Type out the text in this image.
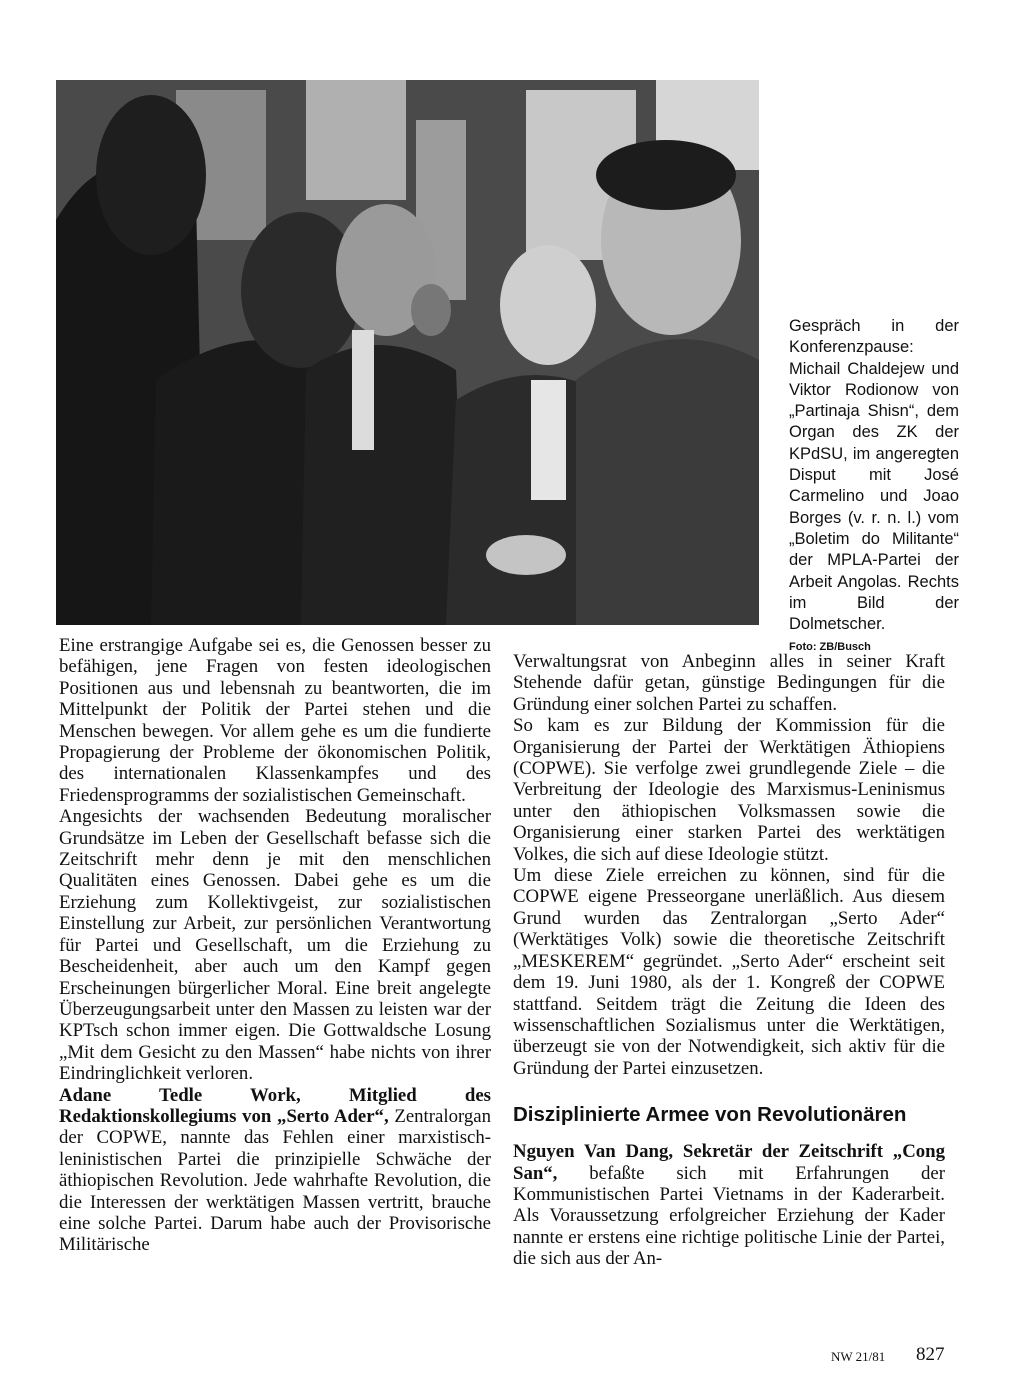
Gespräch in der Konferenzpause: Michail Chaldejew und Viktor Rodionow von „Partinaja Shisn“, dem Organ des ZK der KPdSU, im angeregten Disput mit José Carmelino und Joao Borges (v. r. n. l.) vom „Boletim do Militante“ der MPLA-Partei der Arbeit Angolas. Rechts im Bild der Dolmetscher. Foto: ZB/Busch

Eine erstrangige Aufgabe sei es, die Genossen besser zu befähigen, jene Fragen von festen ideologischen Positionen aus und lebensnah zu beantworten, die im Mittelpunkt der Politik der Partei stehen und die Menschen bewegen. Vor allem gehe es um die fundierte Propagierung der Probleme der ökonomischen Politik, des internationalen Klassenkampfes und des Friedensprogramms der sozialistischen Gemeinschaft.

Angesichts der wachsenden Bedeutung moralischer Grundsätze im Leben der Gesellschaft befasse sich die Zeitschrift mehr denn je mit den menschlichen Qualitäten eines Genossen. Dabei gehe es um die Erziehung zum Kollektivgeist, zur sozialistischen Einstellung zur Arbeit, zur persönlichen Verantwortung für Partei und Gesellschaft, um die Erziehung zu Bescheidenheit, aber auch um den Kampf gegen Erscheinungen bürgerlicher Moral. Eine breit angelegte Überzeugungsarbeit unter den Massen zu leisten war der KPTsch schon immer eigen. Die Gottwaldsche Losung „Mit dem Gesicht zu den Massen“ habe nichts von ihrer Eindringlichkeit verloren.

Adane Tedle Work, Mitglied des Redaktionskollegiums von „Serto Ader“, Zentralorgan der COPWE, nannte das Fehlen einer marxistisch-leninistischen Partei die prinzipielle Schwäche der äthiopischen Revolution. Jede wahrhafte Revolution, die die Interessen der werktätigen Massen vertritt, brauche eine solche Partei. Darum habe auch der Provisorische Militärische

Verwaltungsrat von Anbeginn alles in seiner Kraft Stehende dafür getan, günstige Bedingungen für die Gründung einer solchen Partei zu schaffen.

So kam es zur Bildung der Kommission für die Organisierung der Partei der Werktätigen Äthiopiens (COPWE). Sie verfolge zwei grundlegende Ziele – die Verbreitung der Ideologie des Marxismus-Leninismus unter den äthiopischen Volksmassen sowie die Organisierung einer starken Partei des werktätigen Volkes, die sich auf diese Ideologie stützt.

Um diese Ziele erreichen zu können, sind für die COPWE eigene Presseorgane unerläßlich. Aus diesem Grund wurden das Zentralorgan „Serto Ader“ (Werktätiges Volk) sowie die theoretische Zeitschrift „MESKEREM“ gegründet. „Serto Ader“ erscheint seit dem 19. Juni 1980, als der 1. Kongreß der COPWE stattfand. Seitdem trägt die Zeitung die Ideen des wissenschaftlichen Sozialismus unter die Werktätigen, überzeugt sie von der Notwendigkeit, sich aktiv für die Gründung der Partei einzusetzen.

Disziplinierte Armee von Revolutionären

Nguyen Van Dang, Sekretär der Zeitschrift „Cong San“, befaßte sich mit Erfahrungen der Kommunistischen Partei Vietnams in der Kaderarbeit. Als Voraussetzung erfolgreicher Erziehung der Kader nannte er erstens eine richtige politische Linie der Partei, die sich aus der An-

NW 21/81 827
